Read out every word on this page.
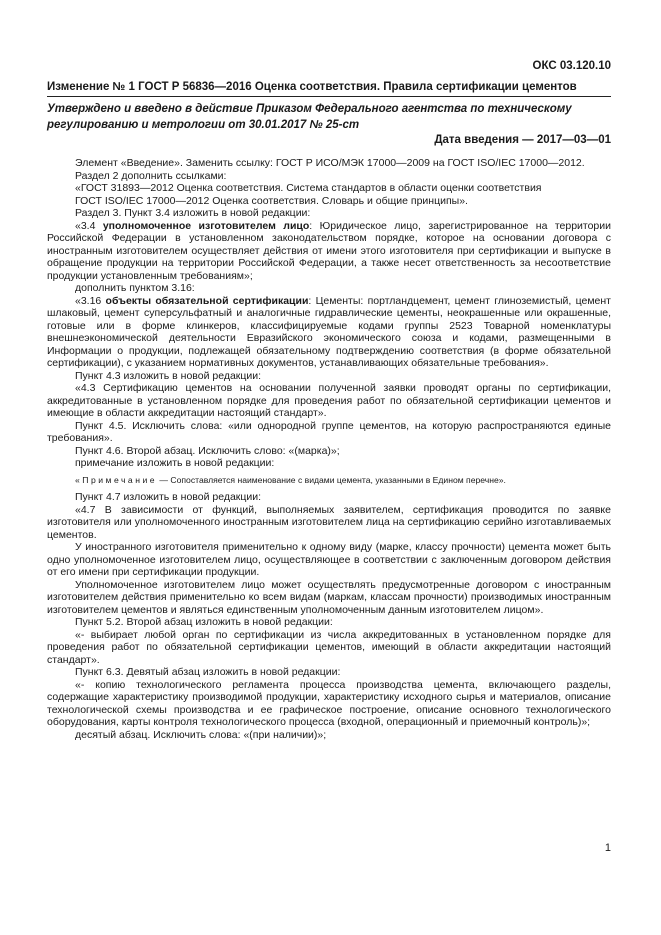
ОКС 03.120.10
Изменение № 1 ГОСТ Р 56836—2016 Оценка соответствия. Правила сертификации цементов
Утверждено и введено в действие Приказом Федерального агентства по техническому регулированию и метрологии от 30.01.2017 № 25-ст
Дата введения — 2017—03—01

Элемент «Введение». Заменить ссылку: ГОСТ Р ИСО/МЭК 17000—2009 на ГОСТ ISO/IEC 17000—2012.

Раздел 2 дополнить ссылками:

«ГОСТ 31893—2012 Оценка соответствия. Система стандартов в области оценки соответствия

ГОСТ ISO/IEC 17000—2012 Оценка соответствия. Словарь и общие принципы».

Раздел 3. Пункт 3.4 изложить в новой редакции:

«3.4 уполномоченное изготовителем лицо: Юридическое лицо, зарегистрированное на территории Российской Федерации в установленном законодательством порядке, которое на основании договора с иностранным изготовителем осуществляет действия от имени этого изготовителя при сертификации и выпуске в обращение продукции на территории Российской Федерации, а также несет ответственность за несоответствие продукции установленным требованиям»;

дополнить пунктом 3.16:

«3.16 объекты обязательной сертификации: Цементы: портландцемент, цемент глиноземистый, цемент шлаковый, цемент суперсульфатный и аналогичные гидравлические цементы, неокрашенные или окрашенные, готовые или в форме клинкеров, классифицируемые кодами группы 2523 Товарной номенклатуры внешнеэкономической деятельности Евразийского экономического союза и кодами, размещенными в Информации о продукции, подлежащей обязательному подтверждению соответствия (в форме обязательной сертификации), с указанием нормативных документов, устанавливающих обязательные требования».

Пункт 4.3 изложить в новой редакции:

«4.3 Сертификацию цементов на основании полученной заявки проводят органы по сертификации, аккредитованные в установленном порядке для проведения работ по обязательной сертификации цементов и имеющие в области аккредитации настоящий стандарт».

Пункт 4.5. Исключить слова: «или однородной группе цементов, на которую распространяются единые требования».

Пункт 4.6. Второй абзац. Исключить слово: «(марка)»;

примечание изложить в новой редакции:

«Примечание — Сопоставляется наименование с видами цемента, указанными в Едином перечне».

Пункт 4.7 изложить в новой редакции:

«4.7 В зависимости от функций, выполняемых заявителем, сертификация проводится по заявке изготовителя или уполномоченного иностранным изготовителем лица на сертификацию серийно изготавливаемых цементов.

У иностранного изготовителя применительно к одному виду (марке, классу прочности) цемента может быть одно уполномоченное изготовителем лицо, осуществляющее в соответствии с заключенным договором действия от его имени при сертификации продукции.

Уполномоченное изготовителем лицо может осуществлять предусмотренные договором с иностранным изготовителем действия применительно ко всем видам (маркам, классам прочности) производимых иностранным изготовителем цементов и являться единственным уполномоченным данным изготовителем лицом».

Пункт 5.2. Второй абзац изложить в новой редакции:

«- выбирает любой орган по сертификации из числа аккредитованных в установленном порядке для проведения работ по обязательной сертификации цементов, имеющий в области аккредитации настоящий стандарт».

Пункт 6.3. Девятый абзац изложить в новой редакции:

«- копию технологического регламента процесса производства цемента, включающего разделы, содержащие характеристику производимой продукции, характеристику исходного сырья и материалов, описание технологической схемы производства и ее графическое построение, описание основного технологического оборудования, карты контроля технологического процесса (входной, операционный и приемочный контроль)»;

десятый абзац. Исключить слова: «(при наличии)»;

1
